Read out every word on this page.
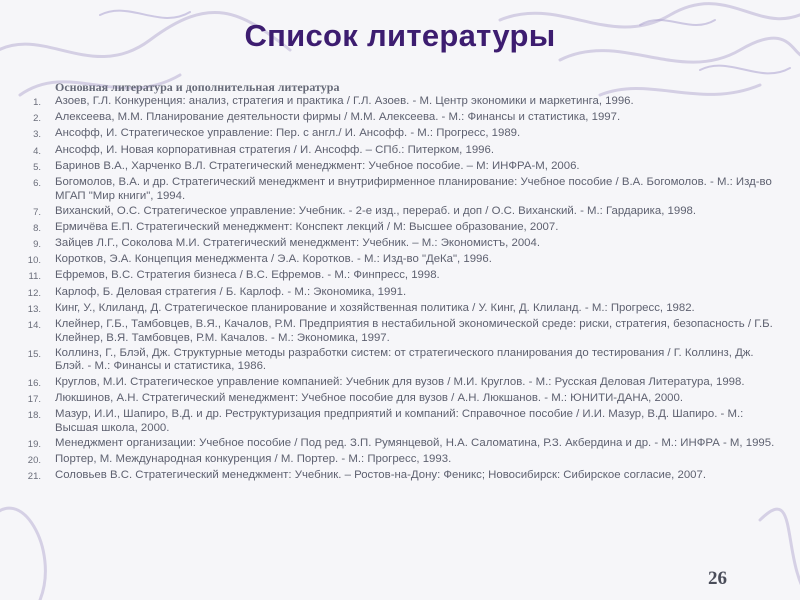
Список литературы
Основная литература и дополнительная литература
1. Азоев, Г.Л. Конкуренция: анализ, стратегия и практика / Г.Л. Азоев. - М. Центр экономики и маркетинга, 1996.
2. Алексеева, М.М. Планирование деятельности фирмы / М.М. Алексеева. - М.: Финансы и статистика, 1997.
3. Ансофф, И. Стратегическое управление: Пер. с англ./ И. Ансофф. - М.: Прогресс, 1989.
4. Ансофф, И. Новая корпоративная стратегия / И. Ансофф. – СПб.: Питерком, 1996.
5. Баринов В.А., Харченко В.Л. Стратегический менеджмент: Учебное пособие. – М: ИНФРА-М, 2006.
6. Богомолов, В.А. и др. Стратегический менеджмент и внутрифирменное планирование: Учебное пособие / В.А. Богомолов. - М.: Изд-во МГАП "Мир книги", 1994.
7. Виханский, О.С. Стратегическое управление: Учебник. - 2-е изд., перераб. и доп / О.С. Виханский. - М.: Гардарика, 1998.
8. Ермичёва Е.П. Стратегический менеджмент: Конспект лекций / М: Высшее образование, 2007.
9. Зайцев Л.Г., Соколова М.И. Стратегический менеджмент: Учебник. – М.: Экономистъ, 2004.
10. Коротков, Э.А. Концепция менеджмента / Э.А. Коротков. - М.: Изд-во "ДеКа", 1996.
11. Ефремов, В.С. Стратегия бизнеса / В.С. Ефремов. - М.: Финпресс, 1998.
12. Карлоф, Б. Деловая стратегия / Б. Карлоф. - М.: Экономика, 1991.
13. Кинг, У., Клиланд, Д. Стратегическое планирование и хозяйственная политика / У. Кинг, Д. Клиланд. - М.: Прогресс, 1982.
14. Клейнер, Г.Б., Тамбовцев, В.Я., Качалов, Р.М. Предприятия в нестабильной экономической среде: риски, стратегия, безопасность / Г.Б. Клейнер, В.Я. Тамбовцев, Р.М. Качалов. - М.: Экономика, 1997.
15. Коллинз, Г., Блэй, Дж. Структурные методы разработки систем: от стратегического планирования до тестирования / Г. Коллинз, Дж. Блэй. - М.: Финансы и статистика, 1986.
16. Круглов, М.И. Стратегическое управление компанией: Учебник для вузов / М.И. Круглов. - М.: Русская Деловая Литература, 1998.
17. Люкшинов, А.Н. Стратегический менеджмент: Учебное пособие для вузов / А.Н. Люкшанов. - М.: ЮНИТИ-ДАНА, 2000.
18. Мазур, И.И., Шапиро, В.Д. и др. Реструктуризация предприятий и компаний: Справочное пособие / И.И. Мазур, В.Д. Шапиро. - М.: Высшая школа, 2000.
19. Менеджмент организации: Учебное пособие / Под ред. З.П. Румянцевой, Н.А. Саломатина, Р.З. Акбердина и др. - М.: ИНФРА - М, 1995.
20. Портер, М. Международная конкуренция / М. Портер. - М.: Прогресс, 1993.
21. Соловьев В.С. Стратегический менеджмент: Учебник. – Ростов-на-Дону: Феникс; Новосибирск: Сибирское согласие, 2007.
26
